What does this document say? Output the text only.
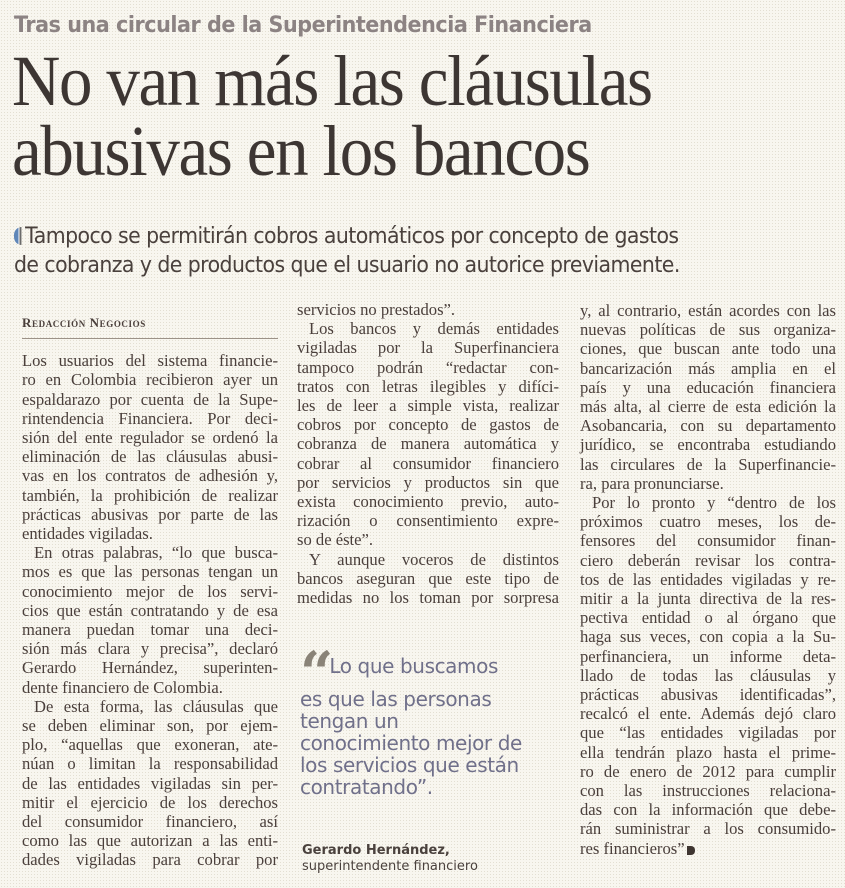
Tras una circular de la Superintendencia Financiera
No van más las cláusulas
abusivas en los bancos
Tampoco se permitirán cobros automáticos por concepto de gastos
de cobranza y de productos que el usuario no autorice previamente.
Redacción Negocios
Los usuarios del sistema financie-
ro en Colombia recibieron ayer un
espaldarazo por cuenta de la Supe-
rintendencia Financiera. Por deci-
sión del ente regulador se ordenó la
eliminación de las cláusulas abusi-
vas en los contratos de adhesión y,
también, la prohibición de realizar
prácticas abusivas por parte de las
entidades vigiladas.
En otras palabras, “lo que busca-
mos es que las personas tengan un
conocimiento mejor de los servi-
cios que están contratando y de esa
manera puedan tomar una deci-
sión más clara y precisa”, declaró
Gerardo Hernández, superinten-
dente financiero de Colombia.
De esta forma, las cláusulas que
se deben eliminar son, por ejem-
plo, “aquellas que exoneran, ate-
núan o limitan la responsabilidad
de las entidades vigiladas sin per-
mitir el ejercicio de los derechos
del consumidor financiero, así
como las que autorizan a las enti-
dades vigiladas para cobrar por
servicios no prestados”.
Los bancos y demás entidades
vigiladas por la Superfinanciera
tampoco podrán “redactar con-
tratos con letras ilegibles y difíci-
les de leer a simple vista, realizar
cobros por concepto de gastos de
cobranza de manera automática y
cobrar al consumidor financiero
por servicios y productos sin que
exista conocimiento previo, auto-
rización o consentimiento expre-
so de éste”.
Y aunque voceros de distintos
bancos aseguran que este tipo de
medidas no los toman por sorpresa
“ Lo que buscamos
es que las personas
tengan un
conocimiento mejor de
los servicios que están
contratando”.
Gerardo Hernández,
superintendente financiero
y, al contrario, están acordes con las
nuevas políticas de sus organiza-
ciones, que buscan ante todo una
bancarización más amplia en el
país y una educación financiera
más alta, al cierre de esta edición la
Asobancaria, con su departamento
jurídico, se encontraba estudiando
las circulares de la Superfinancie-
ra, para pronunciarse.
Por lo pronto y “dentro de los
próximos cuatro meses, los de-
fensores del consumidor finan-
ciero deberán revisar los contra-
tos de las entidades vigiladas y re-
mitir a la junta directiva de la res-
pectiva entidad o al órgano que
haga sus veces, con copia a la Su-
perfinanciera, un informe deta-
llado de todas las cláusulas y
prácticas abusivas identificadas”,
recalcó el ente. Además dejó claro
que “las entidades vigiladas por
ella tendrán plazo hasta el prime-
ro de enero de 2012 para cumplir
con las instrucciones relaciona-
das con la información que debe-
rán suministrar a los consumido-
res financieros”
